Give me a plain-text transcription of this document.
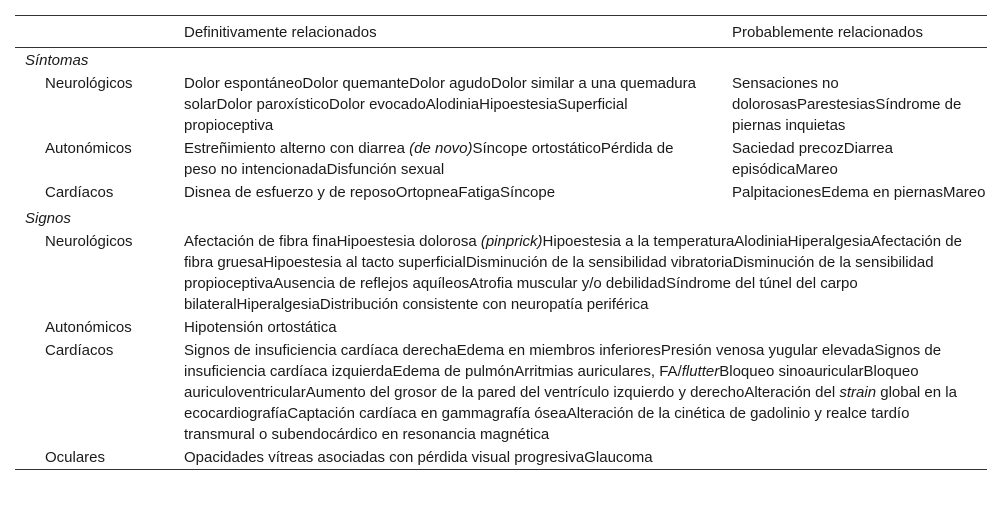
	Definitivamente relacionados	Probablemente relacionados
Síntomas		
Neurológicos	Dolor espontáneoDolor quemanteDolor agudoDolor similar a una quemadura solarDolor paroxísticoDolor evocadoAlodiniaHipoestesiaSuperficial propioceptiva	Sensaciones no dolorosasParestesiasSíndrome de piernas inquietas
Autonómicos	Estreñimiento alterno con diarrea (de novo)Síncope ortostáticoPérdida de peso no intencionadaDisfunción sexual	Saciedad precozDiarrea episódicaMareo
Cardíacos	Disnea de esfuerzo y de reposoOrtopneaFatigaSíncope	PalpitacionesEdema en piernasMareo
Signos		
Neurológicos	Afectación de fibra finaHipoestesia dolorosa (pinprick)Hipoestesia a la temperaturaAlodiniaHiperalgesiaAfectación de fibra gruesaHipoestesia al tacto superficialDisminución de la sensibilidad vibratoriaDisminución de la sensibilidad propioceptivaAusencia de reflejos aquíleosAtrofia muscular y/o debilidadSíndrome del túnel del carpo bilateralHiperalgesiaDistribución consistente con neuropatía periférica	
Autonómicos	Hipotensión ortostática	
Cardíacos	Signos de insuficiencia cardíaca derechaEdema en miembros inferioresPresión venosa yugular elevadaSignos de insuficiencia cardíaca izquierdaEdema de pulmónArritmias auriculares, FA/flutterBloqueo sinoauricularBloqueo auriculoventricularAumento del grosor de la pared del ventrículo izquierdo y derechoAlteración del strain global en la ecocardiografíaCaptación cardíaca en gammagrafía óseaAlteración de la cinética de gadolinio y realce tardío transmural o subendocárdico en resonancia magnética	
Oculares	Opacidades vítreas asociadas con pérdida visual progresivaGlaucoma	
